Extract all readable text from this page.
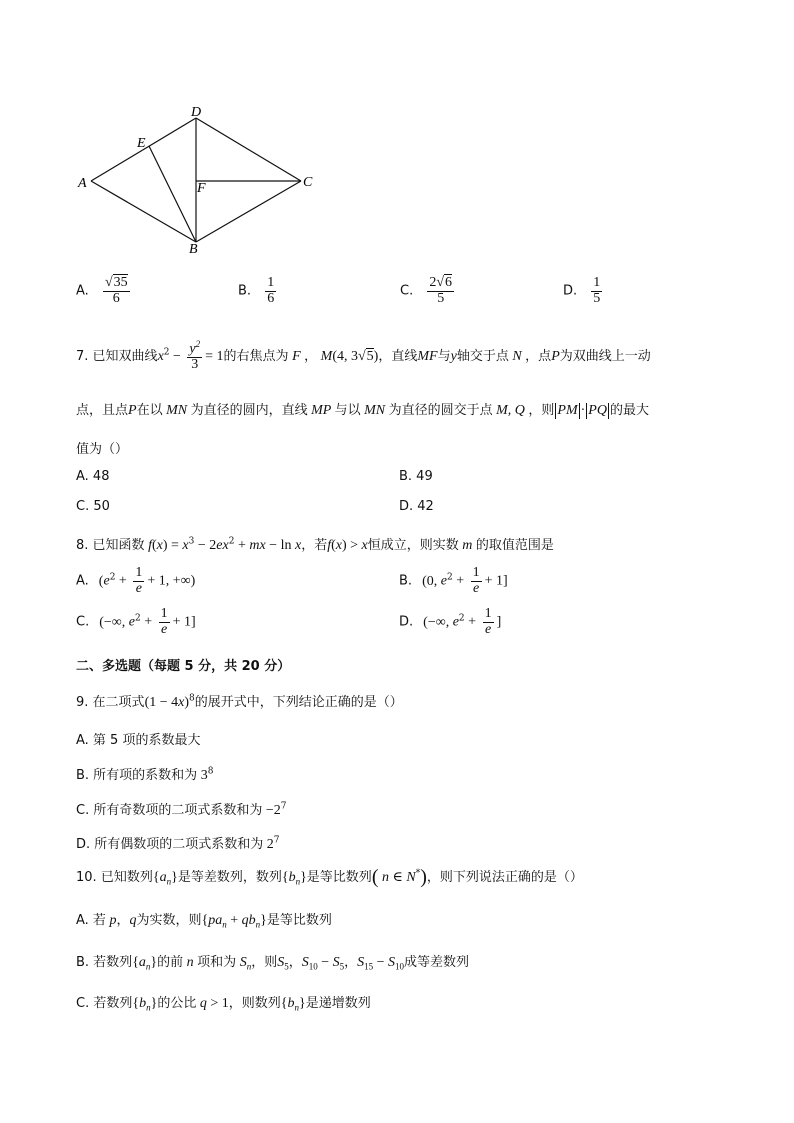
A
D
E
F	C
B
A. $\frac{√35}{6}$	B. $\frac{1}{6}$	C. $\frac{2√6}{5}$	D. $\frac{1}{5}$
7. 已知双曲线$x^2 - \frac{y^2}{3} = 1$的右焦点为 F ， M(4, 3√5)，直线MF与y轴交于点 N ，点P为双曲线上一动
点，且点P在以 MN 为直径的圆内，直线 MP 与以 MN 为直径的圆交于点 M, Q ，则 PM · PQ 的最大
值为（）
A. 48	B. 49
C. 50	D. 42
8. 已知函数 $f(x) = x^3 - 2ex^2$ + mx − ln x，若f(x) > x恒成立，则实数 m 的取值范围是
A. ($e^2 + \frac{1}{e} + 1$, +∞)	B. (0, $e^2 + \frac{1}{e} + 1$]
C. (−∞, $e^2 + \frac{1}{e} + 1$]	D. (−∞, $e^2 + \frac{1}{e}$ ]
二、多选题（每题 5 分，共 20 分）
9. 在二项式$(1 - 4x)^8$的展开式中，下列结论正确的是（）
A. 第 5 项的系数最大
B. 所有项的系数和为 $3^8$
C. 所有奇数项的二项式系数和为 $-2^7$
D. 所有偶数项的二项式系数和为 $2^7$
10. 已知数列$\{a_n\}$是等差数列，数列$\{b_n\}$是等比数列( n ∈ N*)，则下列说法正确的是（）
A. 若 p，q为实数，则$\{pa_n + qb_n\}$是等比数列
B. 若数列$\{a_n\}$的前 n 项和为 $S_n$，则$S_5$，$S_{10} - S_5$，$S_{15} - S_{10}$成等差数列
C. 若数列$\{b_n\}$的公比 q > 1，则数列$\{b_n\}$是递增数列
